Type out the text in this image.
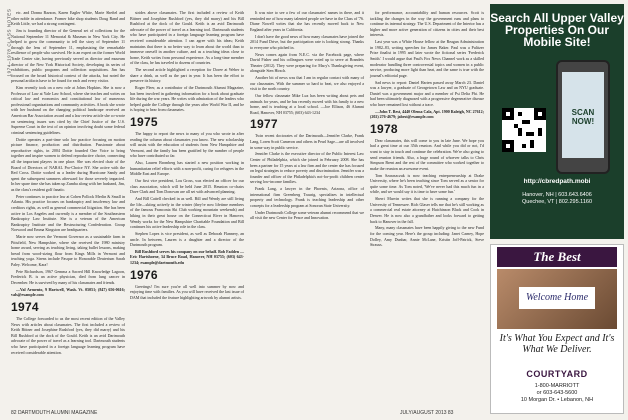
1974–1978 CLASS NOTES	etc. and Donna Bazzon, Karen Eagler White, Marie Sheftel and other noble in attendance. Former bike shop students Doug Rand and Keith Little, we had a strong contingent.

Jim is founding director of the General set of collections for the National September 11 Memorial & Museum in New York City. He helped to grow the community to tell the story of September 11 through the lens of September 11, emphasizing the remarkable resilience of people who survived. He is an expert on the former World Trade Center site, having previously served as director and museum director of the New York Historical Society, developing its series of exhibitions, public programs and collection acquisitions. Jim has focused on the broad historical context of the attacks, but noted the personal artifacts have to be found for each and every visitor.

Kim recently took on a new role at Johns Hopkins. She is now a Professor of Law at Yale Law School, where she teaches and writes on critical law and economics and constitutional law of numerous professional organizations and community activities. A book she wrote with her husband on the changing political landscape received an American Bar Association award and a law review article she co-wrote on sentencing issues was cited by the Chief Justice of the U.S. Supreme Court in the text of an opinion involving doubt some federal criminal sentencing guidelines.

Dottie operates a part-time solo law practice focusing on motion picture finance, production and distribution. Passionate about reproductive rights, in 2004 Dottie founded One Voice to bring together and inspire women to defend reproductive choice, connecting all the important players in one place. She was elected chair of the Board of Directors of NARAL Pro-Choice NY. She active with the Red Cross. Dottie worked as a leader during Hurricane Sandy and spent the subsequent summers afterward for those severely impacted. In her spare time she has taken up Zumba along with her husband, Jim, as the class's resident golf fanatic.

Peter continues to practice law at Cohen Pollock Merlin & Small in Atlanta. His practice focuses on bankruptcy and insolvency law and creditors rights, as well as general commercial litigation. She has been active in Los Angeles and currently is a member of the Southeastern Bankruptcy Law Institute. She is a veteran of the American Bankruptcy Institute and the Restructuring Confederation. Group Norwood and Emma Kingston are headquarters.

Marie now serves the Vermont Governor as a sustainable farm in Pittsfield, New Hampshire, where she received the 1980 ministry home award, serving as teaching living, taking bullet lessons, making bread from wood-sizing flour from Kings Mills in Vermont and teaching yoga. Sirens include Pasque to Honorable Deuterium Sarah Paley. Welcome, Kara!

Pete Richardson, 1967 Gemma a Sacred Hill Knowledge Lagoon, Frederick B. is an active physician, died from lung cancer in December. He is survived by many of his classmates and friends.

—Val Armento, 9 Hartwell, Wash. Vt. 05051; (847) 656-0616; vals@example.com

1974

The College forwarded to us the most recent edition of the Valley News with articles about classmates. The first included a review of Keith Bittner and Josephine Rushford (yes, they did marry) and his Bill Rushford at the dock of the Gould. Keith is an avid Dartmouth advocate of the power of travel as a learning tool. Dartmouth students who have participated in a foreign language learning program have received considerable attention.

strides above classmates. The first included a review of Keith Bittner and Josephine Rushford (yes, they did marry) and his Bill Rushford at the dock of the Gould. Keith is an avid Dartmouth advocate of the power of travel as a learning tool. Dartmouth students who have participated in a foreign language learning program have received considerable attention. I can agree with his ideas; Keith maintains that there is no better way to learn about the world than to immerse oneself in another culture, and as a teaching ideas close to home, Keith writes from personal experience. As a long-time member of the class, he has traveled to dozens of countries.

The second article highlighted a reception for Doree at Weber to share a drink, as well as the part in year. It has been the effort to preserve its history.

Roger Fleer, as a contributor of the Dartmouth Alumni Magazine, has been involved in gathering information for a book about graduate life during the war years. He writes with admiration of the leaders who helped guide the College through the years after World War II, and he is hoping to hear from classmates.

1975

The happy to report the news to many of you who wrote in after reading the column about classmates you know. The new scholarship will assist with the education of students from New Hampshire and Vermont, and the family has been gratified by the number of people who have contributed so far.

Also, Lauren Bromberg has started a new position working in humanitarian relief efforts with a non-profit, caring for refugees in the Middle East and Europe.

Our first vice president, Lou Gross, was elected an officer for our class association, which will be held June 2015. Reunion co-chairs Dave Clark and Tom Donovan are all set with advanced planning.

And Bill Cattell checked in as well. Bill and Wendy are still living the life—skiing actively in the winter (they're now lifetime members of the famous Franconia Ski Club working mountain weekends) and hiking in their great house on the Connecticut River in Hanover, Wendy works for the New Hampshire Charitable Foundation and Bill continues his active leadership role in the class.

Stephen Lopez is vice president, as well as Deborah Flannery, an uncle. In between, Lauren is a daughter and a director of the Dartmouth program.

Bill Rushford serves his company on our behalf. Bob Fadden — Eric Hartshorne, 34 Bruce Road, Hanover, NH 03755; (603) 643-1234; example@dartmouth.edu

1976

Greetings! I'm sure you're all well into summer by now and enjoying time with families. As you will have received the last issue of DAM that included the feature highlighting artwork by alumni artists.

It was nice to see a few of our classmates' names in there, and it reminded me of how many talented people we have in the Class of '76. Diane Nowell writes that she has recently moved back to New England after years in California.

I don't have the good news of how many classmates have joined the 2014 Fund Drive, but the participation rate is looking strong. Thanks to everyone who pitched in.

News comes again from N.E.C. via the Facebook page, where David Fisher and his colleagues were voted up to serve at Brandeis Theater (2012). They were preparing for Macy's Thanksgiving event, alongside Sten Hirsch.

Another bit of news was that I am in regular contact with many of our classmates. With the summer so hard to beat, we also enjoyed a visit to the north country.

Our fellow classmate Mike Lux has been writing about pets and animals for years, and he has recently moved with his family to a new home, and is teaching at a local school. —Joe Ellison, 46 Alumni Road, Hanover, NH 03755; (603) 643-1234

1977

Twin recent doctorates of the Dartmouth—Jennifer Clarke, Frank Lang, Loren Scott Cameron and others in Pearl Sage—are all involved in some way in public service.

Jennifer Clarke is the executive director of the Public Interest Law Center of Philadelphia, which she joined in February 2008. She has been a partner for 15 years at a law firm and the center she has focused on legal strategies to reduce poverty and discrimination. Jennifer was a founder and officer of the Philadelphia's not-for-profit children center serving low-income families.

Frank Lang, a lawyer in the Phoenix, Arizona, office of international firm Greenberg Traurig, specializes in intellectual property and technology. Frank is teaching leadership and other concepts for a leadership program at Sonoran State University.

Under Dartmouth College some veteran alumni recommend that we all visit the new Center for Peace and Innovation.

for performance, accountability and human resources. Scott is tackling the changes in the way the government runs and plans to continue its internal strategy. The U.S. Department of the Interior has a higher and more active generation of citizens in cities and their best interests.

Last year was a White House fellow at the Reagan Administration in 1982–83, writing speeches for James Baker. Paul was a Pulitzer Prize finalist in 1995 and later wrote the fictional series 'Frederick Smith.' I would argue that Paul's Fox News Channel work as a skilled moderator handling three controversial topics and women in a public service, producing more light than heat, and the same is true with the journal's editorial page.

Sad news to report: Daniel Harten passed away March 23. Daniel was a lawyer, a graduate of Georgetown Law and an NYU graduate. Daniel was a government major and a member of Psi Delta Phi. He had been ultimately diagnosed with a progressive degenerative disease who have remained lost without a trace.

—John T. Best, 4440 Olema Cala, Apt. 1900 Raleigh, NC 27612; (202) 276-4679; jabest@example.com

1978

Dear classmates, this will come to you in late June. We hope you had a great time at our 35th reunion. And while you did or not, I'd want to stay in touch and continue the celebration. We're also going to send reunion friends. Also, a huge round of whoever talks to Chris Simpson Brent and the rest of the committee who worked together to make the reunion an awesome event.

Tom Szaraszczuk is now teaching entrepreneurship at Drake University, where he's been teaching since Tom served as a senior for quite some time. As Tom noted, 'We've never had this much fun in a while, and we would say it is time to have some fun.'

Sherri Marvin writes that she is running a company for the University of Tennessee. Rich Glaser tells me that he's still working as a commercial real estate attorney at Hutchinson Black and Cook in Denver. He is now also a grandfather and looks forward to getting back to Hanover in the fall.

Many, many classmates have been happily giving to the new Fund for the coming year. Here's the group including: Janet Carney, Hope Dolley, Amy Dunbar, Annie McLane, Kristin Joff-Patrick, Steve Strauss.

Search All Upper Valley Properties On Our Mobile Site!
SCAN NOW!
http://cbredpath.mobi
Hanover, NH | 603.643.6406
Quechee, VT | 802.295.1160
The Best
Welcome Home
It's What You Expect and It's What We Deliver.
COURTYARD
1-800-MARRIOTT
or 603-643-5600
10 Morgan Dr. • Lebanon, NH
82 DARTMOUTH ALUMNI MAGAZINE	JULY/AUGUST 2013 83
